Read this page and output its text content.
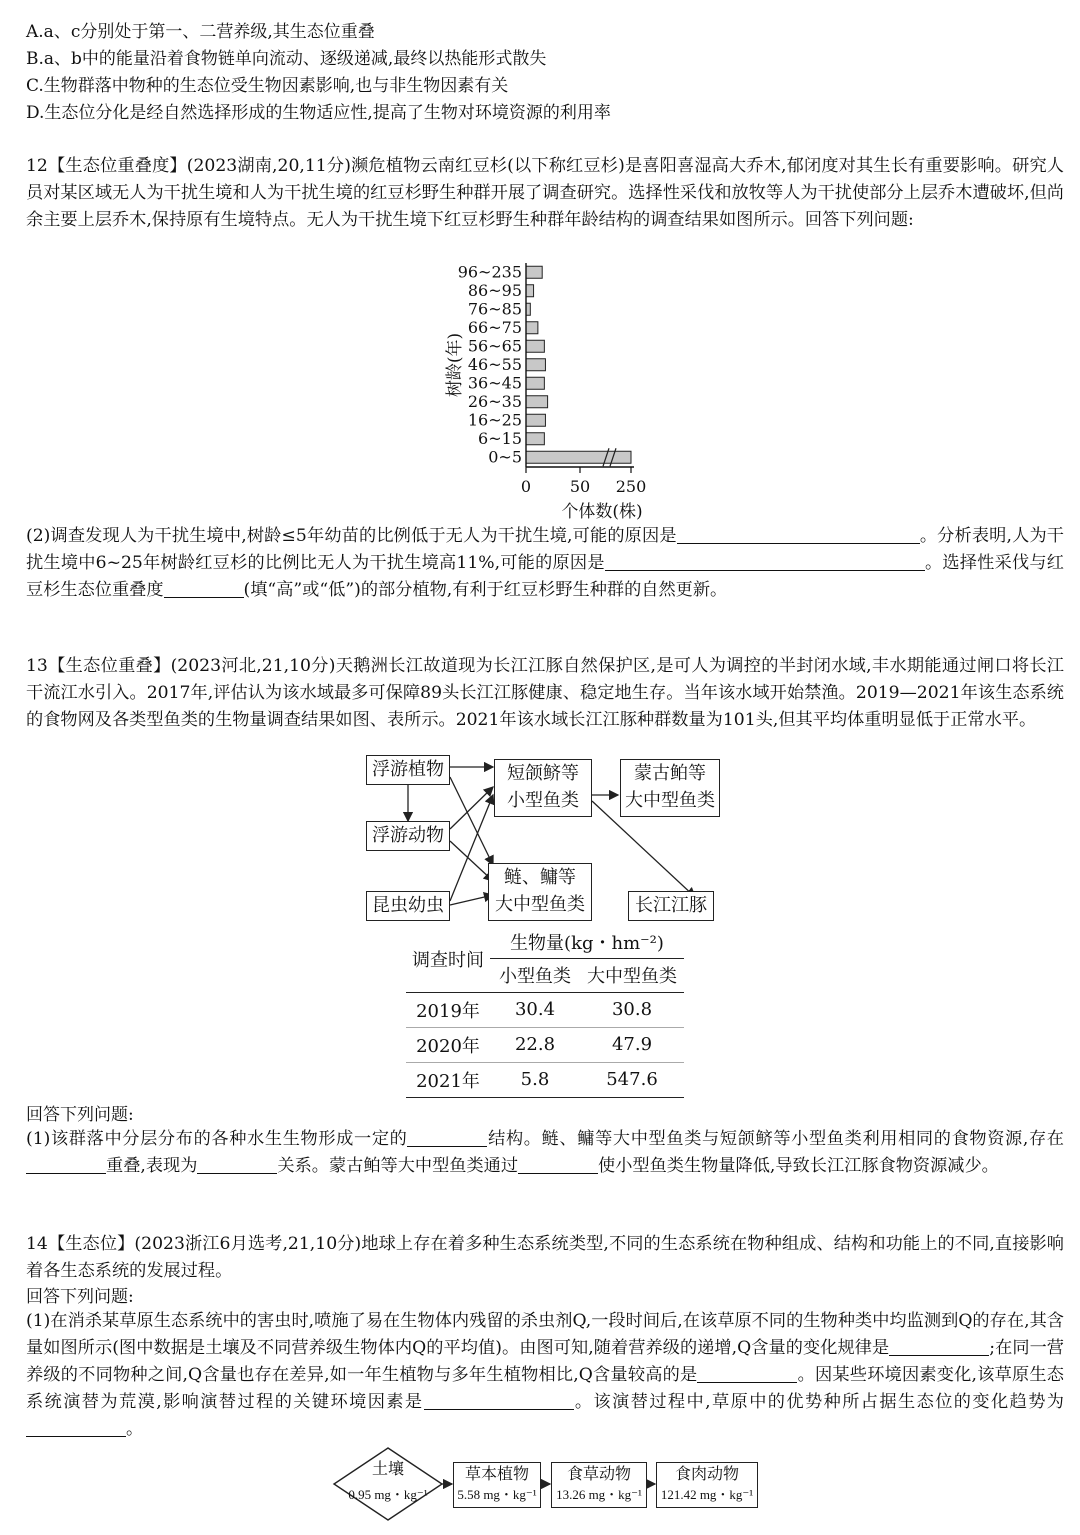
A.a、c分别处于第一、二营养级,其生态位重叠
B.a、b中的能量沿着食物链单向流动、逐级递减,最终以热能形式散失
C.生物群落中物种的生态位受生物因素影响,也与非生物因素有关
D.生态位分化是经自然选择形成的生物适应性,提高了生物对环境资源的利用率
12【生态位重叠度】(2023湖南,20,11分)濒危植物云南红豆杉(以下称红豆杉)是喜阳喜湿高大乔木,郁闭度对其生长有重要影响。研究人员对某区域无人为干扰生境和人为干扰生境的红豆杉野生种群开展了调查研究。选择性采伐和放牧等人为干扰使部分上层乔木遭破坏,但尚余主要上层乔木,保持原有生境特点。无人为干扰生境下红豆杉野生种群年龄结构的调查结果如图所示。回答下列问题:
树龄(年)
96~235
86~95
76~85
66~75
56~65
46~55
36~45
26~35
16~25
6~15
0~5
0 50 250
个体数(株)
(2)调查发现人为干扰生境中,树龄≤5年幼苗的比例低于无人为干扰生境,可能的原因是	。分析表明,人为干扰生境中6~25年树龄红豆杉的比例比无人为干扰生境高11%,可能的原因是	。选择性采伐与红豆杉生态位重叠度	(填“高”或“低”)的部分植物,有利于红豆杉野生种群的自然更新。
13【生态位重叠】(2023河北,21,10分)天鹅洲长江故道现为长江江豚自然保护区,是可人为调控的半封闭水域,丰水期能通过闸口将长江干流江水引入。2017年,评估认为该水域最多可保障89头长江江豚健康、稳定地生存。当年该水域开始禁渔。2019—2021年该生态系统的食物网及各类型鱼类的生物量调查结果如图、表所示。2021年该水域长江江豚种群数量为101头,但其平均体重明显低于正常水平。
浮游植物
浮游动物
昆虫幼虫
短颌鲚等
小型鱼类
蒙古鲌等
大中型鱼类
鲢、鳙等
大中型鱼类	长江江豚
调查时间	生物量(kg・hm⁻²)	
	小型鱼类	大中型鱼类
2019年	30.4	30.8
2020年	22.8	47.9
2021年	5.8	547.6
回答下列问题:
(1)该群落中分层分布的各种水生生物形成一定的	结构。鲢、鳙等大中型鱼类与短颌鲚等小型鱼类利用相同的食物资源,存在重叠,表现为	关系。蒙古鲌等大中型鱼类通过	使小型鱼类生物量降低,导致长江江豚食物资源减少。
14【生态位】(2023浙江6月选考,21,10分)地球上存在着多种生态系统类型,不同的生态系统在物种组成、结构和功能上的不同,直接影响着各生态系统的发展过程。
回答下列问题:
(1)在消杀某草原生态系统中的害虫时,喷施了易在生物体内残留的杀虫剂Q,一段时间后,在该草原不同的生物种类中均监测到Q的存在,其含量如图所示(图中数据是土壤及不同营养级生物体内Q的平均值)。由图可知,随着营养级的递增,Q含量的变化规律是	;在同一营养级的不同物种之间,Q含量也存在差异,如一年生植物与多年生植物相比,Q含量较高的是	。因某些环境因素变化,该草原生态系统演替为荒漠,影响演替过程的关键环境因素是	。该演替过程中,草原中的优势种所占据生态位的变化趋势为。
土壤
0.95 mg・kg⁻¹
草本植物
5.58 mg・kg⁻¹
食草动物
13.26 mg・kg⁻¹
食肉动物
121.42 mg・kg⁻¹
